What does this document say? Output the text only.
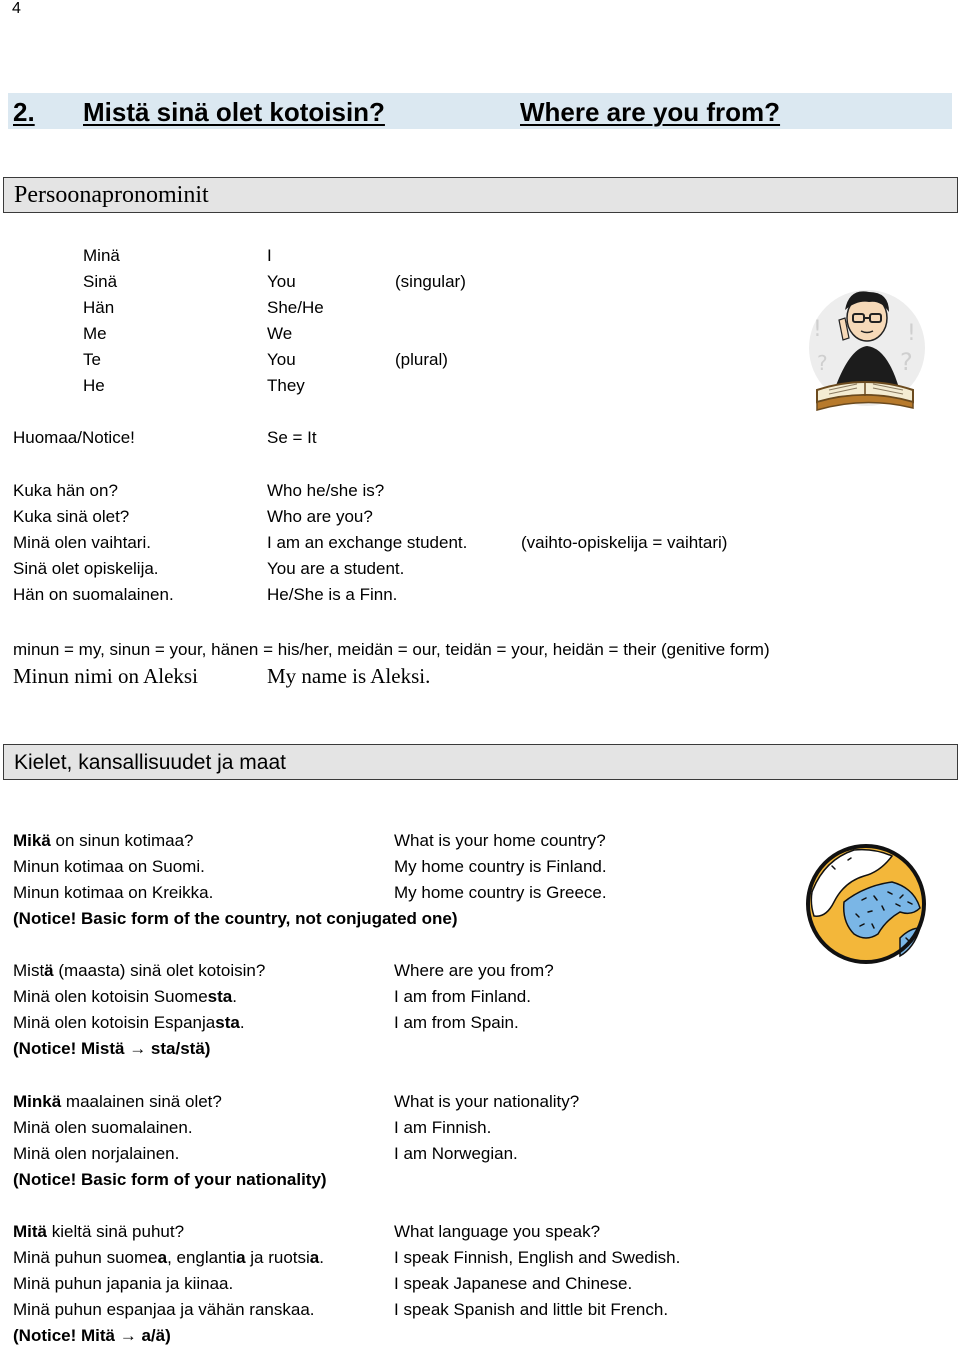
4
2. Mistä sinä olet kotoisin?	Where are you from?
Persoonapronominit
Minä	I
Sinä	You	(singular)
Hän	She/He
Me	We
Te	You	(plural)
He	They
!	!
?
?
Huomaa/Notice!	Se = It
Kuka hän on?	Who he/she is?
Kuka sinä olet?	Who are you?
Minä olen vaihtari.	I am an exchange student.	(vaihto-opiskelija = vaihtari)
Sinä olet opiskelija.	You are a student.
Hän on suomalainen.	He/She is a Finn.
minun = my, sinun = your, hänen = his/her, meidän = our, teidän = your, heidän = their (genitive form)
Minun nimi on Aleksi	My name is Aleksi.
Kielet, kansallisuudet ja maat
Mikä on sinun kotimaa?	What is your home country?
Minun kotimaa on Suomi.	My home country is Finland.
Minun kotimaa on Kreikka.	My home country is Greece.
(Notice! Basic form of the country, not conjugated one)
Mistä (maasta) sinä olet kotoisin?	Where are you from?
Minä olen kotoisin Suomesta.	I am from Finland.
Minä olen kotoisin Espanjasta.	I am from Spain.
(Notice! Mistä → sta/stä)
Minkä maalainen sinä olet?	What is your nationality?
Minä olen suomalainen.	I am Finnish.
Minä olen norjalainen.	I am Norwegian.
(Notice! Basic form of your nationality)
Mitä kieltä sinä puhut?	What language you speak?
Minä puhun suomea, englantia ja ruotsia.	I speak Finnish, English and Swedish.
Minä puhun japania ja kiinaa.	I speak Japanese and Chinese.
Minä puhun espanjaa ja vähän ranskaa.	I speak Spanish and little bit French.
(Notice! Mitä → a/ä)
